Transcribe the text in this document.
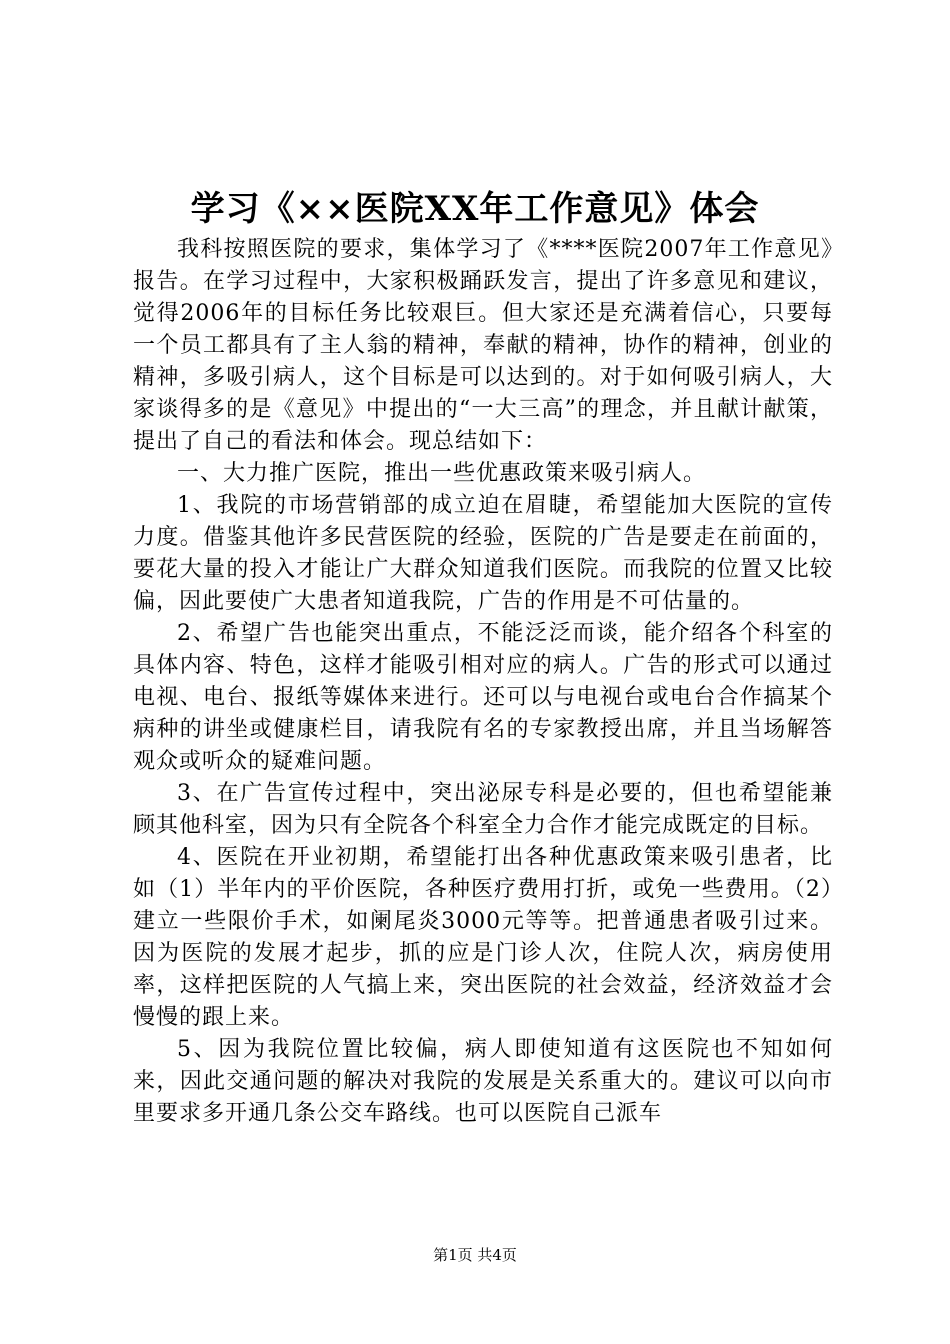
学习《××医院XX年工作意见》体会

我科按照医院的要求，集体学习了《****医院2007年工作意见》报告。在学习过程中，大家积极踊跃发言，提出了许多意见和建议，觉得2006年的目标任务比较艰巨。但大家还是充满着信心，只要每一个员工都具有了主人翁的精神，奉献的精神，协作的精神，创业的精神，多吸引病人，这个目标是可以达到的。对于如何吸引病人，大家谈得多的是《意见》中提出的“一大三高”的理念，并且献计献策，提出了自己的看法和体会。现总结如下：

一、大力推广医院，推出一些优惠政策来吸引病人。

1、我院的市场营销部的成立迫在眉睫，希望能加大医院的宣传力度。借鉴其他许多民营医院的经验，医院的广告是要走在前面的，要花大量的投入才能让广大群众知道我们医院。而我院的位置又比较偏，因此要使广大患者知道我院，广告的作用是不可估量的。

2、希望广告也能突出重点，不能泛泛而谈，能介绍各个科室的具体内容、特色，这样才能吸引相对应的病人。广告的形式可以通过电视、电台、报纸等媒体来进行。还可以与电视台或电台合作搞某个病种的讲坐或健康栏目，请我院有名的专家教授出席，并且当场解答观众或听众的疑难问题。

3、在广告宣传过程中，突出泌尿专科是必要的，但也希望能兼顾其他科室，因为只有全院各个科室全力合作才能完成既定的目标。

4、医院在开业初期，希望能打出各种优惠政策来吸引患者，比如（1）半年内的平价医院，各种医疗费用打折，或免一些费用。（2）建立一些限价手术，如阑尾炎3000元等等。把普通患者吸引过来。因为医院的发展才起步，抓的应是门诊人次，住院人次，病房使用率，这样把医院的人气搞上来，突出医院的社会效益，经济效益才会慢慢的跟上来。

5、因为我院位置比较偏，病人即使知道有这医院也不知如何来，因此交通问题的解决对我院的发展是关系重大的。建议可以向市里要求多开通几条公交车路线。也可以医院自己派车

第1页 共4页
